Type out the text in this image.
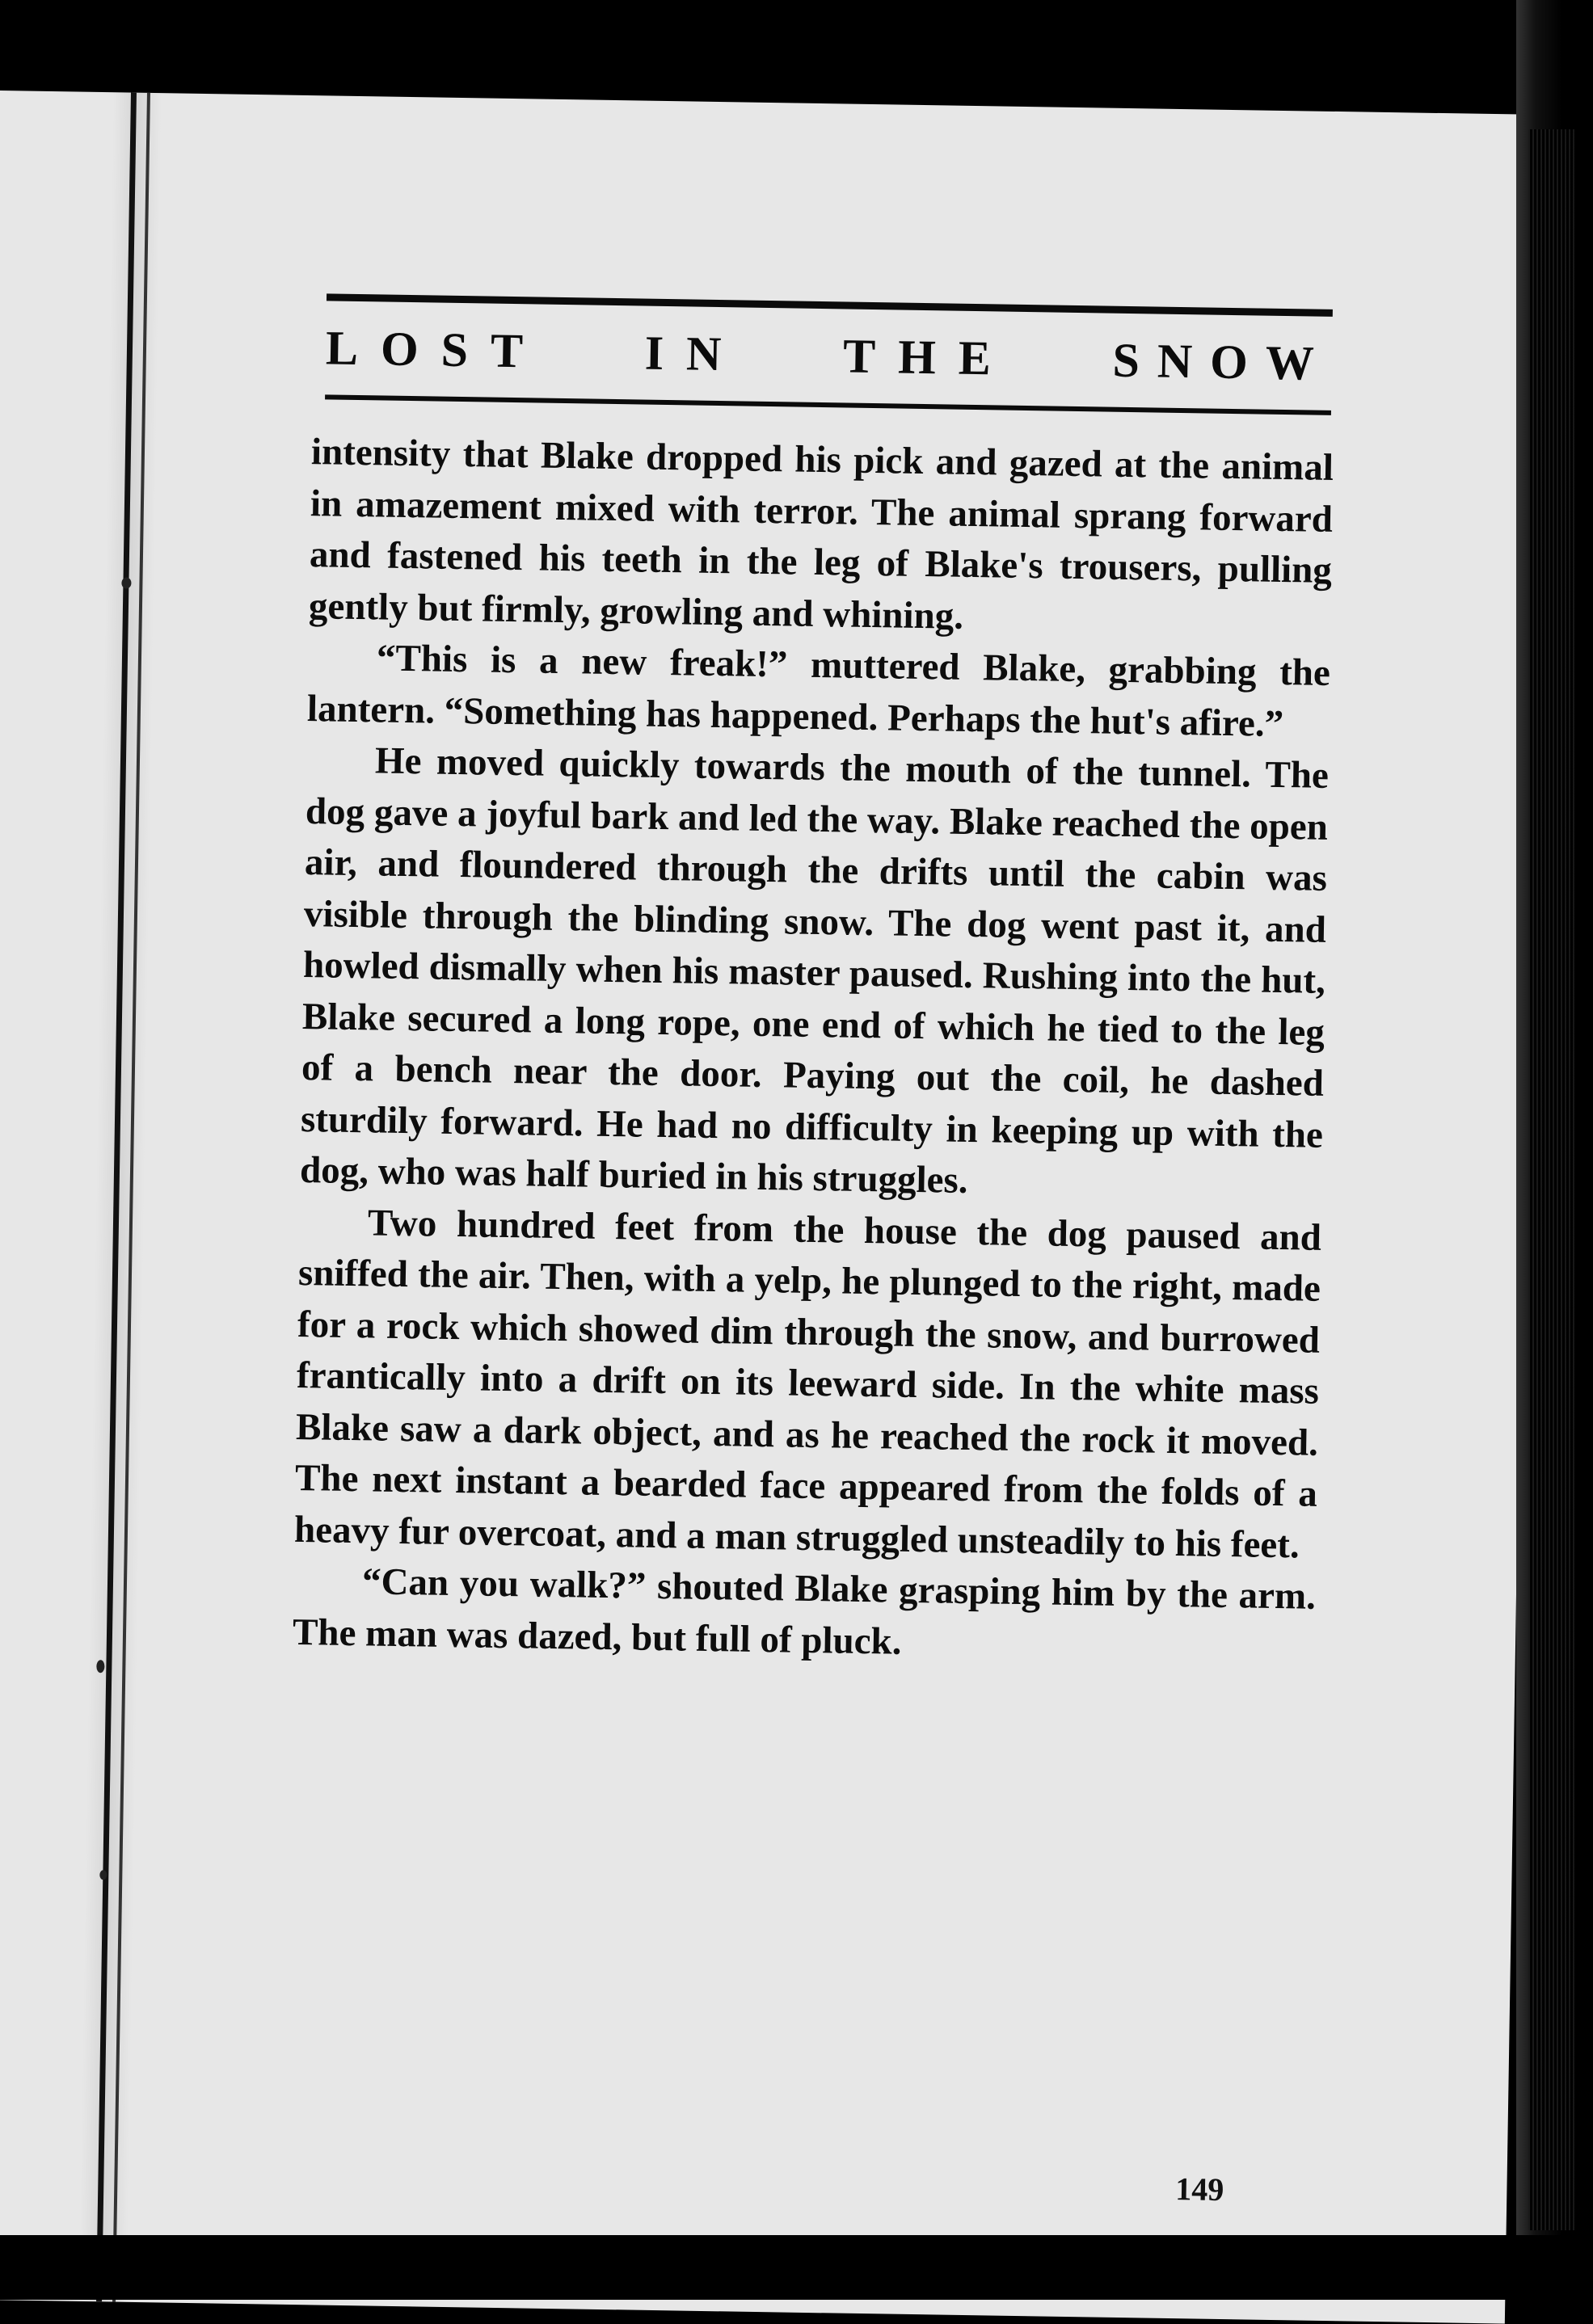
LOST IN THE SNOW

intensity that Blake dropped his pick and gazed at the animal in amazement mixed with terror. The animal sprang forward and fastened his teeth in the leg of Blake's trousers, pulling gently but firmly, growling and whining.

“This is a new freak!” muttered Blake, grabbing the lantern. “Something has happened. Perhaps the hut's afire.”

He moved quickly towards the mouth of the tunnel. The dog gave a joyful bark and led the way. Blake reached the open air, and floundered through the drifts until the cabin was visible through the blinding snow. The dog went past it, and howled dismally when his master paused. Rushing into the hut, Blake secured a long rope, one end of which he tied to the leg of a bench near the door. Paying out the coil, he dashed sturdily forward. He had no difficulty in keeping up with the dog, who was half buried in his struggles.

Two hundred feet from the house the dog paused and sniffed the air. Then, with a yelp, he plunged to the right, made for a rock which showed dim through the snow, and burrowed frantically into a drift on its leeward side. In the white mass Blake saw a dark object, and as he reached the rock it moved. The next instant a bearded face appeared from the folds of a heavy fur overcoat, and a man struggled unsteadily to his feet.

“Can you walk?” shouted Blake grasping him by the arm. The man was dazed, but full of pluck.

149
